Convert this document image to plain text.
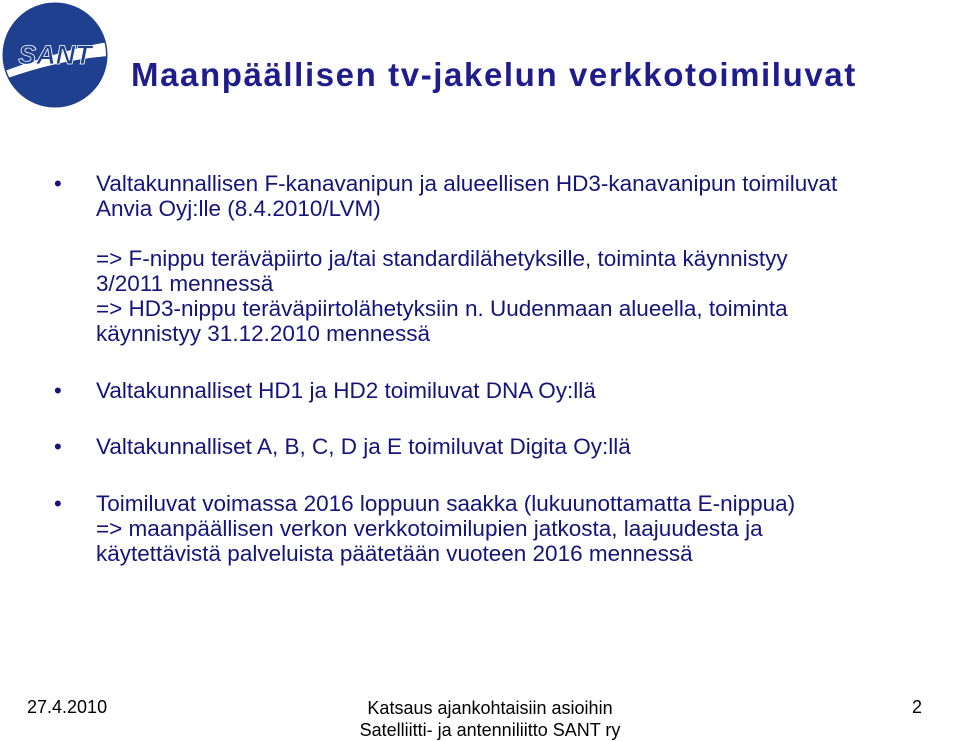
SANT
Maanpäällisen tv-jakelun verkkotoimiluvat
• Valtakunnallisen F-kanavanipun ja alueellisen HD3-kanavanipun toimiluvat
Anvia Oyj:lle (8.4.2010/LVM)
=> F-nippu teräväpiirto ja/tai standardilähetyksille, toiminta käynnistyy
3/2011 mennessä
=> HD3-nippu teräväpiirtolähetyksiin n. Uudenmaan alueella, toiminta
käynnistyy 31.12.2010 mennessä
• Valtakunnalliset HD1 ja HD2 toimiluvat DNA Oy:llä
• Valtakunnalliset A, B, C, D ja E toimiluvat Digita Oy:llä
• Toimiluvat voimassa 2016 loppuun saakka (lukuunottamatta E-nippua)
=> maanpäällisen verkon verkkotoimilupien jatkosta, laajuudesta ja
käytettävistä palveluista päätetään vuoteen 2016 mennessä
27.4.2010	Katsaus ajankohtaisiin asioihin
Satelliitti- ja antenniliitto SANT ry
2
